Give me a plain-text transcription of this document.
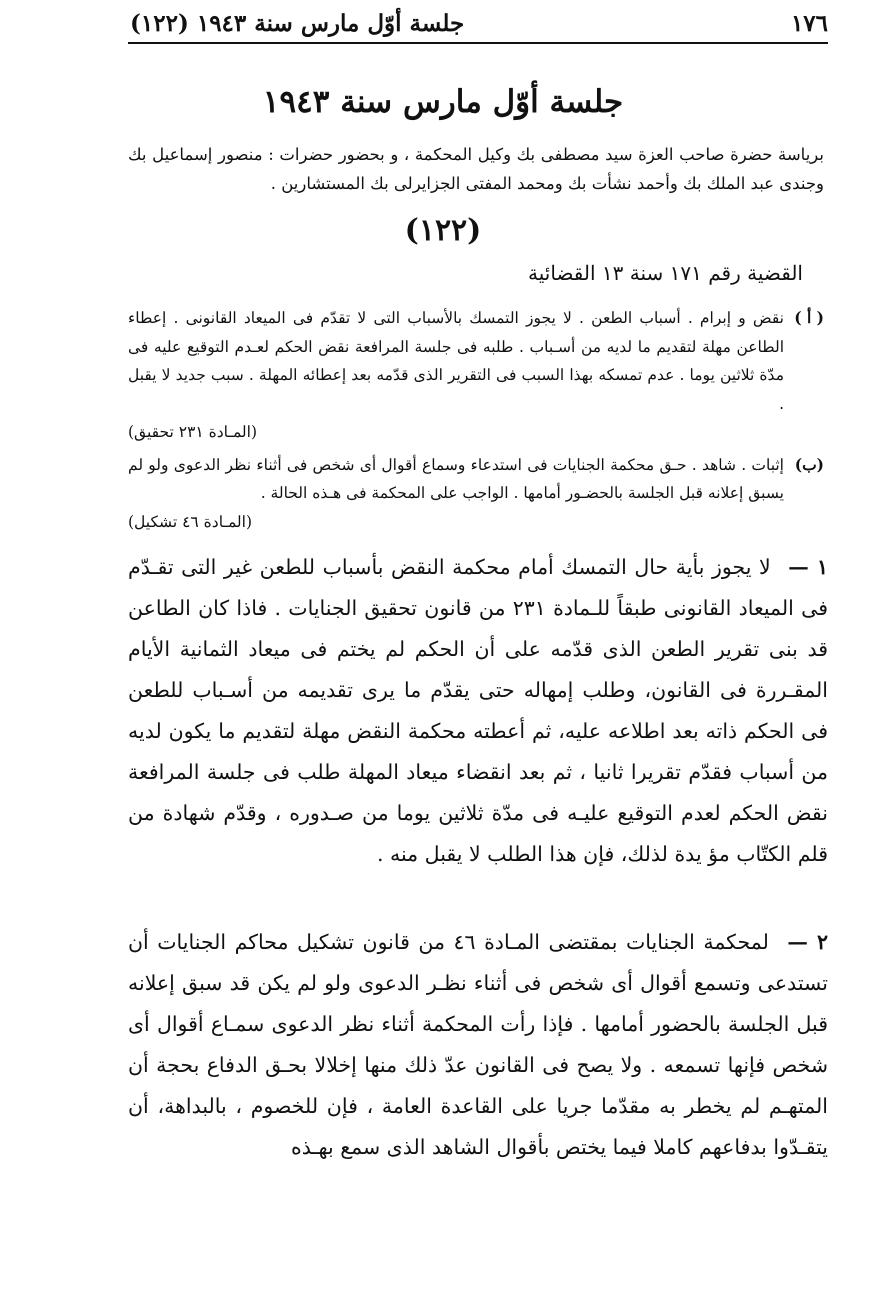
١٧٦
جلسة أوّل مارس سنة ١٩٤٣ (١٢٢)
جلسة أوّل مارس سنة ١٩٤٣
برياسة حضرة صاحب العزة سيد مصطفى بك وكيل المحكمة ، و بحضور حضرات : منصور إسماعيل بك وجندى عبد الملك بك وأحمد نشأت بك ومحمد المفتى الجزايرلى بك المستشارين .
(١٢٢)
القضية رقم ١٧١ سنة ١٣ القضائية
( أ )
نقض و إبرام . أسباب الطعن . لا يجوز التمسك بالأسباب التى لا تقدّم فى الميعاد القانونى . إعطاء الطاعن مهلة لتقديم ما لديه من أسـباب . طلبه فى جلسة المرافعة نقض الحكم لعـدم التوقيع عليه فى مدّة ثلاثين يوما . عدم تمسكه بهذا السبب فى التقرير الذى قدّمه بعد إعطائه المهلة . سبب جديد لا يقبل .
(المـادة ٢٣١ تحقيق)
(ب)
إثبات . شاهد . حـق محكمة الجنايات فى استدعاء وسماع أقوال أى شخص فى أثناء نظر الدعوى ولو لم يسبق إعلانه قبل الجلسة بالحضـور أمامها . الواجب على المحكمة فى هـذه الحالة .
(المـادة ٤٦ تشكيل)
١ — لا يجوز بأية حال التمسك أمام محكمة النقض بأسباب للطعن غير التى تقـدّم فى الميعاد القانونى طبقاً للـمادة ٢٣١ من قانون تحقيق الجنايات . فاذا كان الطاعن قد بنى تقرير الطعن الذى قدّمه على أن الحكم لم يختم فى ميعاد الثمانية الأيام المقـررة فى القانون، وطلب إمهاله حتى يقدّم ما يرى تقديمه من أسـباب للطعن فى الحكم ذاته بعد اطلاعه عليه، ثم أعطته محكمة النقض مهلة لتقديم ما يكون لديه من أسباب فقدّم تقريرا ثانيا ، ثم بعد انقضاء ميعاد المهلة طلب فى جلسة المرافعة نقض الحكم لعدم التوقيع عليـه فى مدّة ثلاثين يوما من صـدوره ، وقدّم شهادة من قلم الكتّاب مؤ يدة لذلك، فإن هذا الطلب لا يقبل منه .
٢ — لمحكمة الجنايات بمقتضى المـادة ٤٦ من قانون تشكيل محاكم الجنايات أن تستدعى وتسمع أقوال أى شخص فى أثناء نظـر الدعوى ولو لم يكن قد سبق إعلانه قبل الجلسة بالحضور أمامها . فإذا رأت المحكمة أثناء نظر الدعوى سمـاع أقوال أى شخص فإنها تسمعه . ولا يصح فى القانون عدّ ذلك منها إخلالا بحـق الدفاع بحجة أن المتهـم لم يخطر به مقدّما جريا على القاعدة العامة ، فإن للخصوم ، بالبداهة، أن يتقـدّوا بدفاعهم كاملا فيما يختص بأقوال الشاهد الذى سمع بهـذه
